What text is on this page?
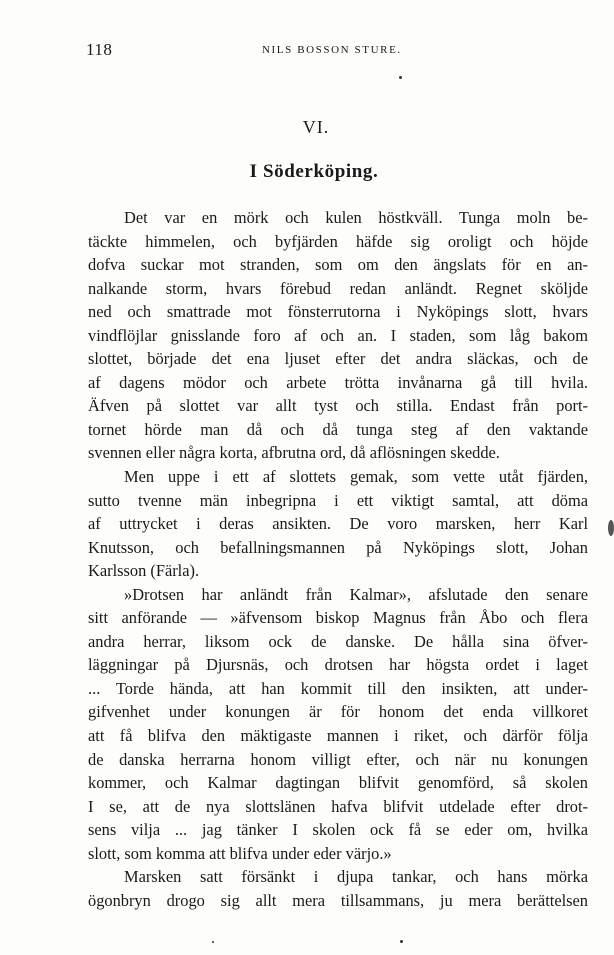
118	NILS BOSSON STURE.
VI.
I Söderköping.
Det var en mörk och kulen höstkväll. Tunga moln be-
täckte himmelen, och byfjärden häfde sig oroligt och höjde
dofva suckar mot stranden, som om den ängslats för en an-
nalkande storm, hvars förebud redan anländt. Regnet sköljde
ned och smattrade mot fönsterrutorna i Nyköpings slott, hvars
vindflöjlar gnisslande foro af och an. I staden, som låg bakom
slottet, började det ena ljuset efter det andra släckas, och de
af dagens mödor och arbete trötta invånarna gå till hvila.
Äfven på slottet var allt tyst och stilla. Endast från port-
tornet hörde man då och då tunga steg af den vaktande
svennen eller några korta, afbrutna ord, då aflösningen skedde.
Men uppe i ett af slottets gemak, som vette utåt fjärden,
sutto tvenne män inbegripna i ett viktigt samtal, att döma
af uttrycket i deras ansikten. De voro marsken, herr Karl
Knutsson, och befallningsmannen på Nyköpings slott, Johan
Karlsson (Färla).
»Drotsen har anländt från Kalmar», afslutade den senare
sitt anförande — »äfvensom biskop Magnus från Åbo och flera
andra herrar, liksom ock de danske. De hålla sina öfver-
läggningar på Djursnäs, och drotsen har högsta ordet i laget
... Torde hända, att han kommit till den insikten, att under-
gifvenhet under konungen är för honom det enda villkoret
att få blifva den mäktigaste mannen i riket, och därför följa
de danska herrarna honom villigt efter, och när nu konungen
kommer, och Kalmar dagtingan blifvit genomförd, så skolen
I se, att de nya slottslänen hafva blifvit utdelade efter drot-
sens vilja ... jag tänker I skolen ock få se eder om, hvilka
slott, som komma att blifva under eder värjo.»
Marsken satt försänkt i djupa tankar, och hans mörka
ögonbryn drogo sig allt mera tillsammans, ju mera berättelsen
